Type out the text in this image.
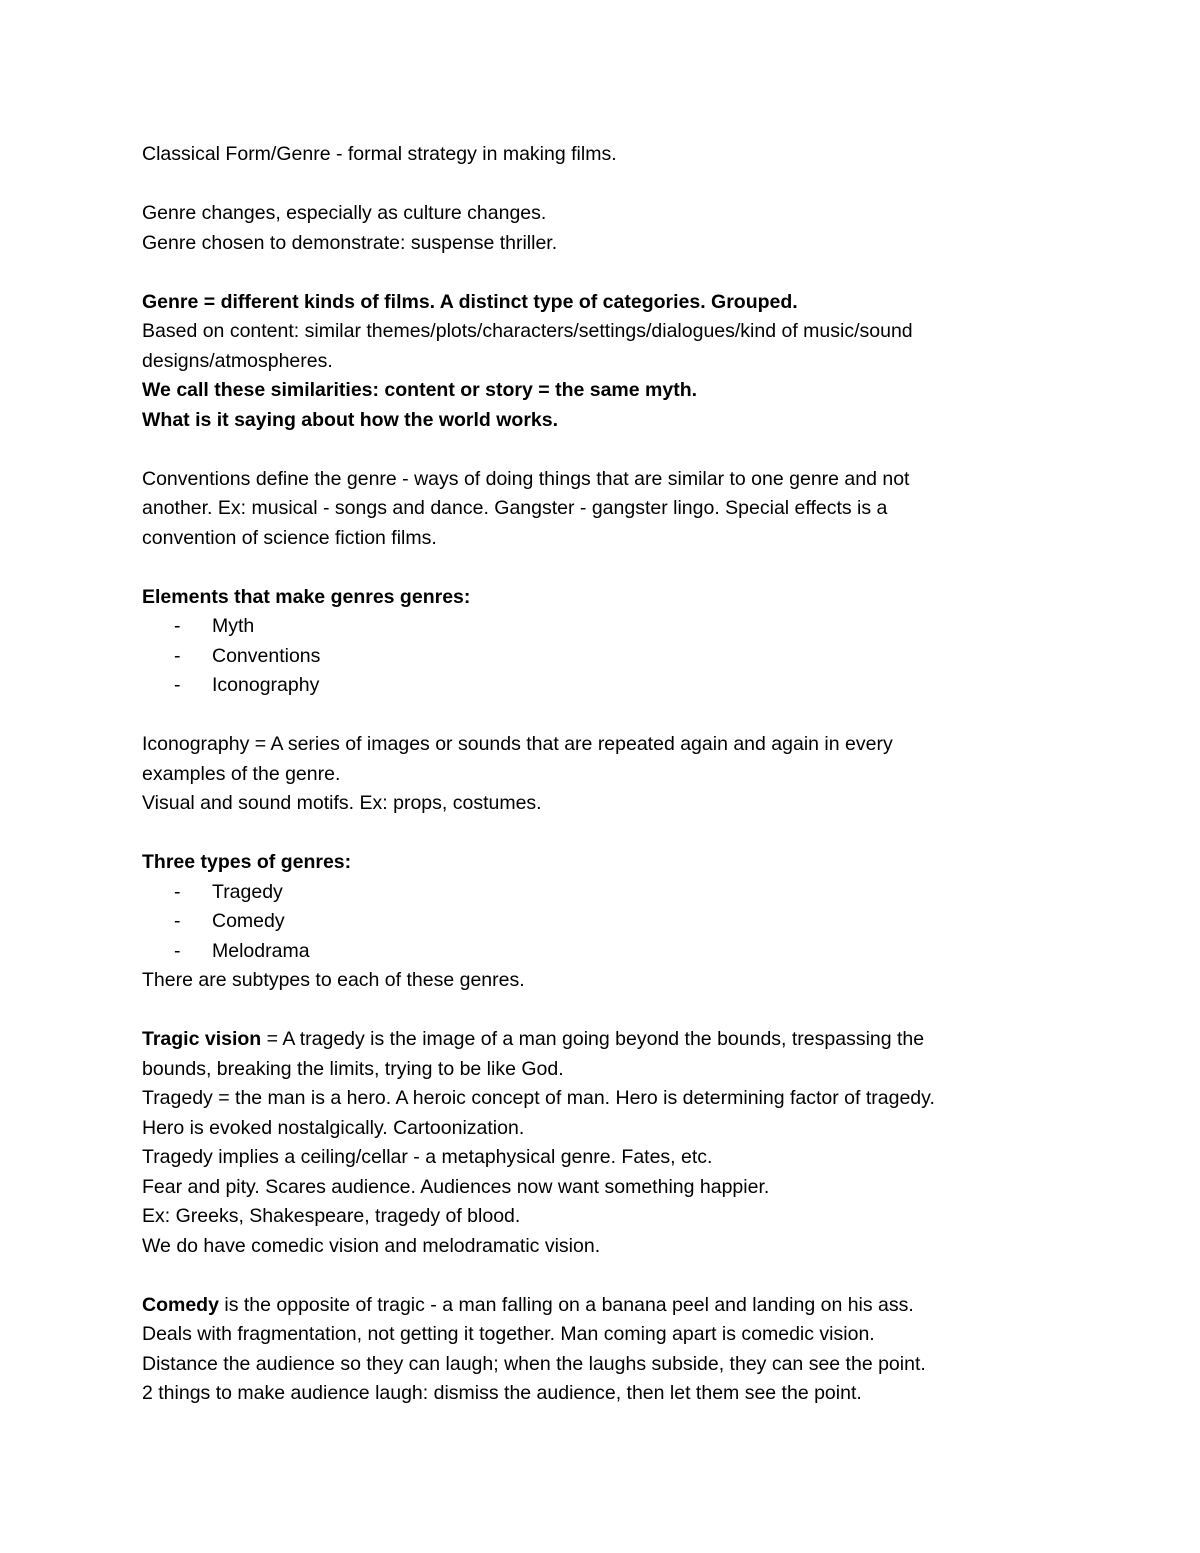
Classical Form/Genre - formal strategy in making films.

Genre changes, especially as culture changes.

Genre chosen to demonstrate: suspense thriller.

Genre = different kinds of films. A distinct type of categories. Grouped.

Based on content: similar themes/plots/characters/settings/dialogues/kind of music/sound

designs/atmospheres.

We call these similarities: content or story = the same myth.

What is it saying about how the world works.

Conventions define the genre - ways of doing things that are similar to one genre and not

another. Ex: musical - songs and dance. Gangster - gangster lingo. Special effects is a

convention of science fiction films.

Elements that make genres genres:

- Myth
- Conventions
- Iconography

Iconography = A series of images or sounds that are repeated again and again in every

examples of the genre.

Visual and sound motifs. Ex: props, costumes.

Three types of genres:

- Tragedy
- Comedy
- Melodrama

There are subtypes to each of these genres.

Tragic vision = A tragedy is the image of a man going beyond the bounds, trespassing the

bounds, breaking the limits, trying to be like God.

Tragedy = the man is a hero. A heroic concept of man. Hero is determining factor of tragedy.

Hero is evoked nostalgically. Cartoonization.

Tragedy implies a ceiling/cellar - a metaphysical genre. Fates, etc.

Fear and pity. Scares audience. Audiences now want something happier.

Ex: Greeks, Shakespeare, tragedy of blood.

We do have comedic vision and melodramatic vision.

Comedy is the opposite of tragic - a man falling on a banana peel and landing on his ass.

Deals with fragmentation, not getting it together. Man coming apart is comedic vision.

Distance the audience so they can laugh; when the laughs subside, they can see the point.

2 things to make audience laugh: dismiss the audience, then let them see the point.
